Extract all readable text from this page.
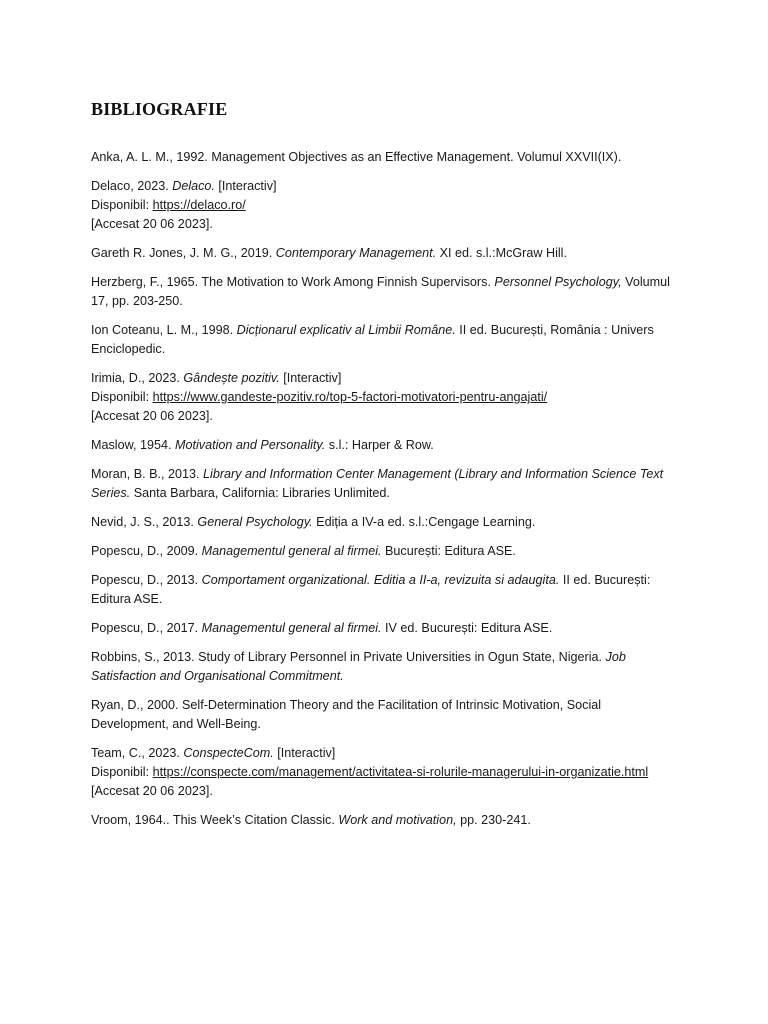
BIBLIOGRAFIE

Anka, A. L. M., 1992. Management Objectives as an Effective Management. Volumul XXVII(IX).

Delaco, 2023. Delaco. [Interactiv]
Disponibil: https://delaco.ro/
[Accesat 20 06 2023].

Gareth R. Jones, J. M. G., 2019. Contemporary Management. XI ed. s.l.:McGraw Hill.

Herzberg, F., 1965. The Motivation to Work Among Finnish Supervisors. Personnel Psychology, Volumul 17, pp. 203-250.

Ion Coteanu, L. M., 1998. Dicționarul explicativ al Limbii Române. II ed. București, România : Univers Enciclopedic.

Irimia, D., 2023. Gândește pozitiv. [Interactiv]
Disponibil: https://www.gandeste-pozitiv.ro/top-5-factori-motivatori-pentru-angajati/
[Accesat 20 06 2023].

Maslow, 1954. Motivation and Personality. s.l.: Harper & Row.

Moran, B. B., 2013. Library and Information Center Management (Library and Information Science Text Series. Santa Barbara, California: Libraries Unlimited.

Nevid, J. S., 2013. General Psychology. Ediția a IV-a ed. s.l.:Cengage Learning.

Popescu, D., 2009. Managementul general al firmei. București: Editura ASE.

Popescu, D., 2013. Comportament organizational. Editia a II-a, revizuita si adaugita. II ed. București: Editura ASE.

Popescu, D., 2017. Managementul general al firmei. IV ed. București: Editura ASE.

Robbins, S., 2013. Study of Library Personnel in Private Universities in Ogun State, Nigeria. Job Satisfaction and Organisational Commitment.

Ryan, D., 2000. Self-Determination Theory and the Facilitation of Intrinsic Motivation, Social Development, and Well-Being.

Team, C., 2023. ConspecteCom. [Interactiv]
Disponibil: https://conspecte.com/management/activitatea-si-rolurile-managerului-in-organizatie.html
[Accesat 20 06 2023].

Vroom, 1964.. This Week’s Citation Classic. Work and motivation, pp. 230-241.
